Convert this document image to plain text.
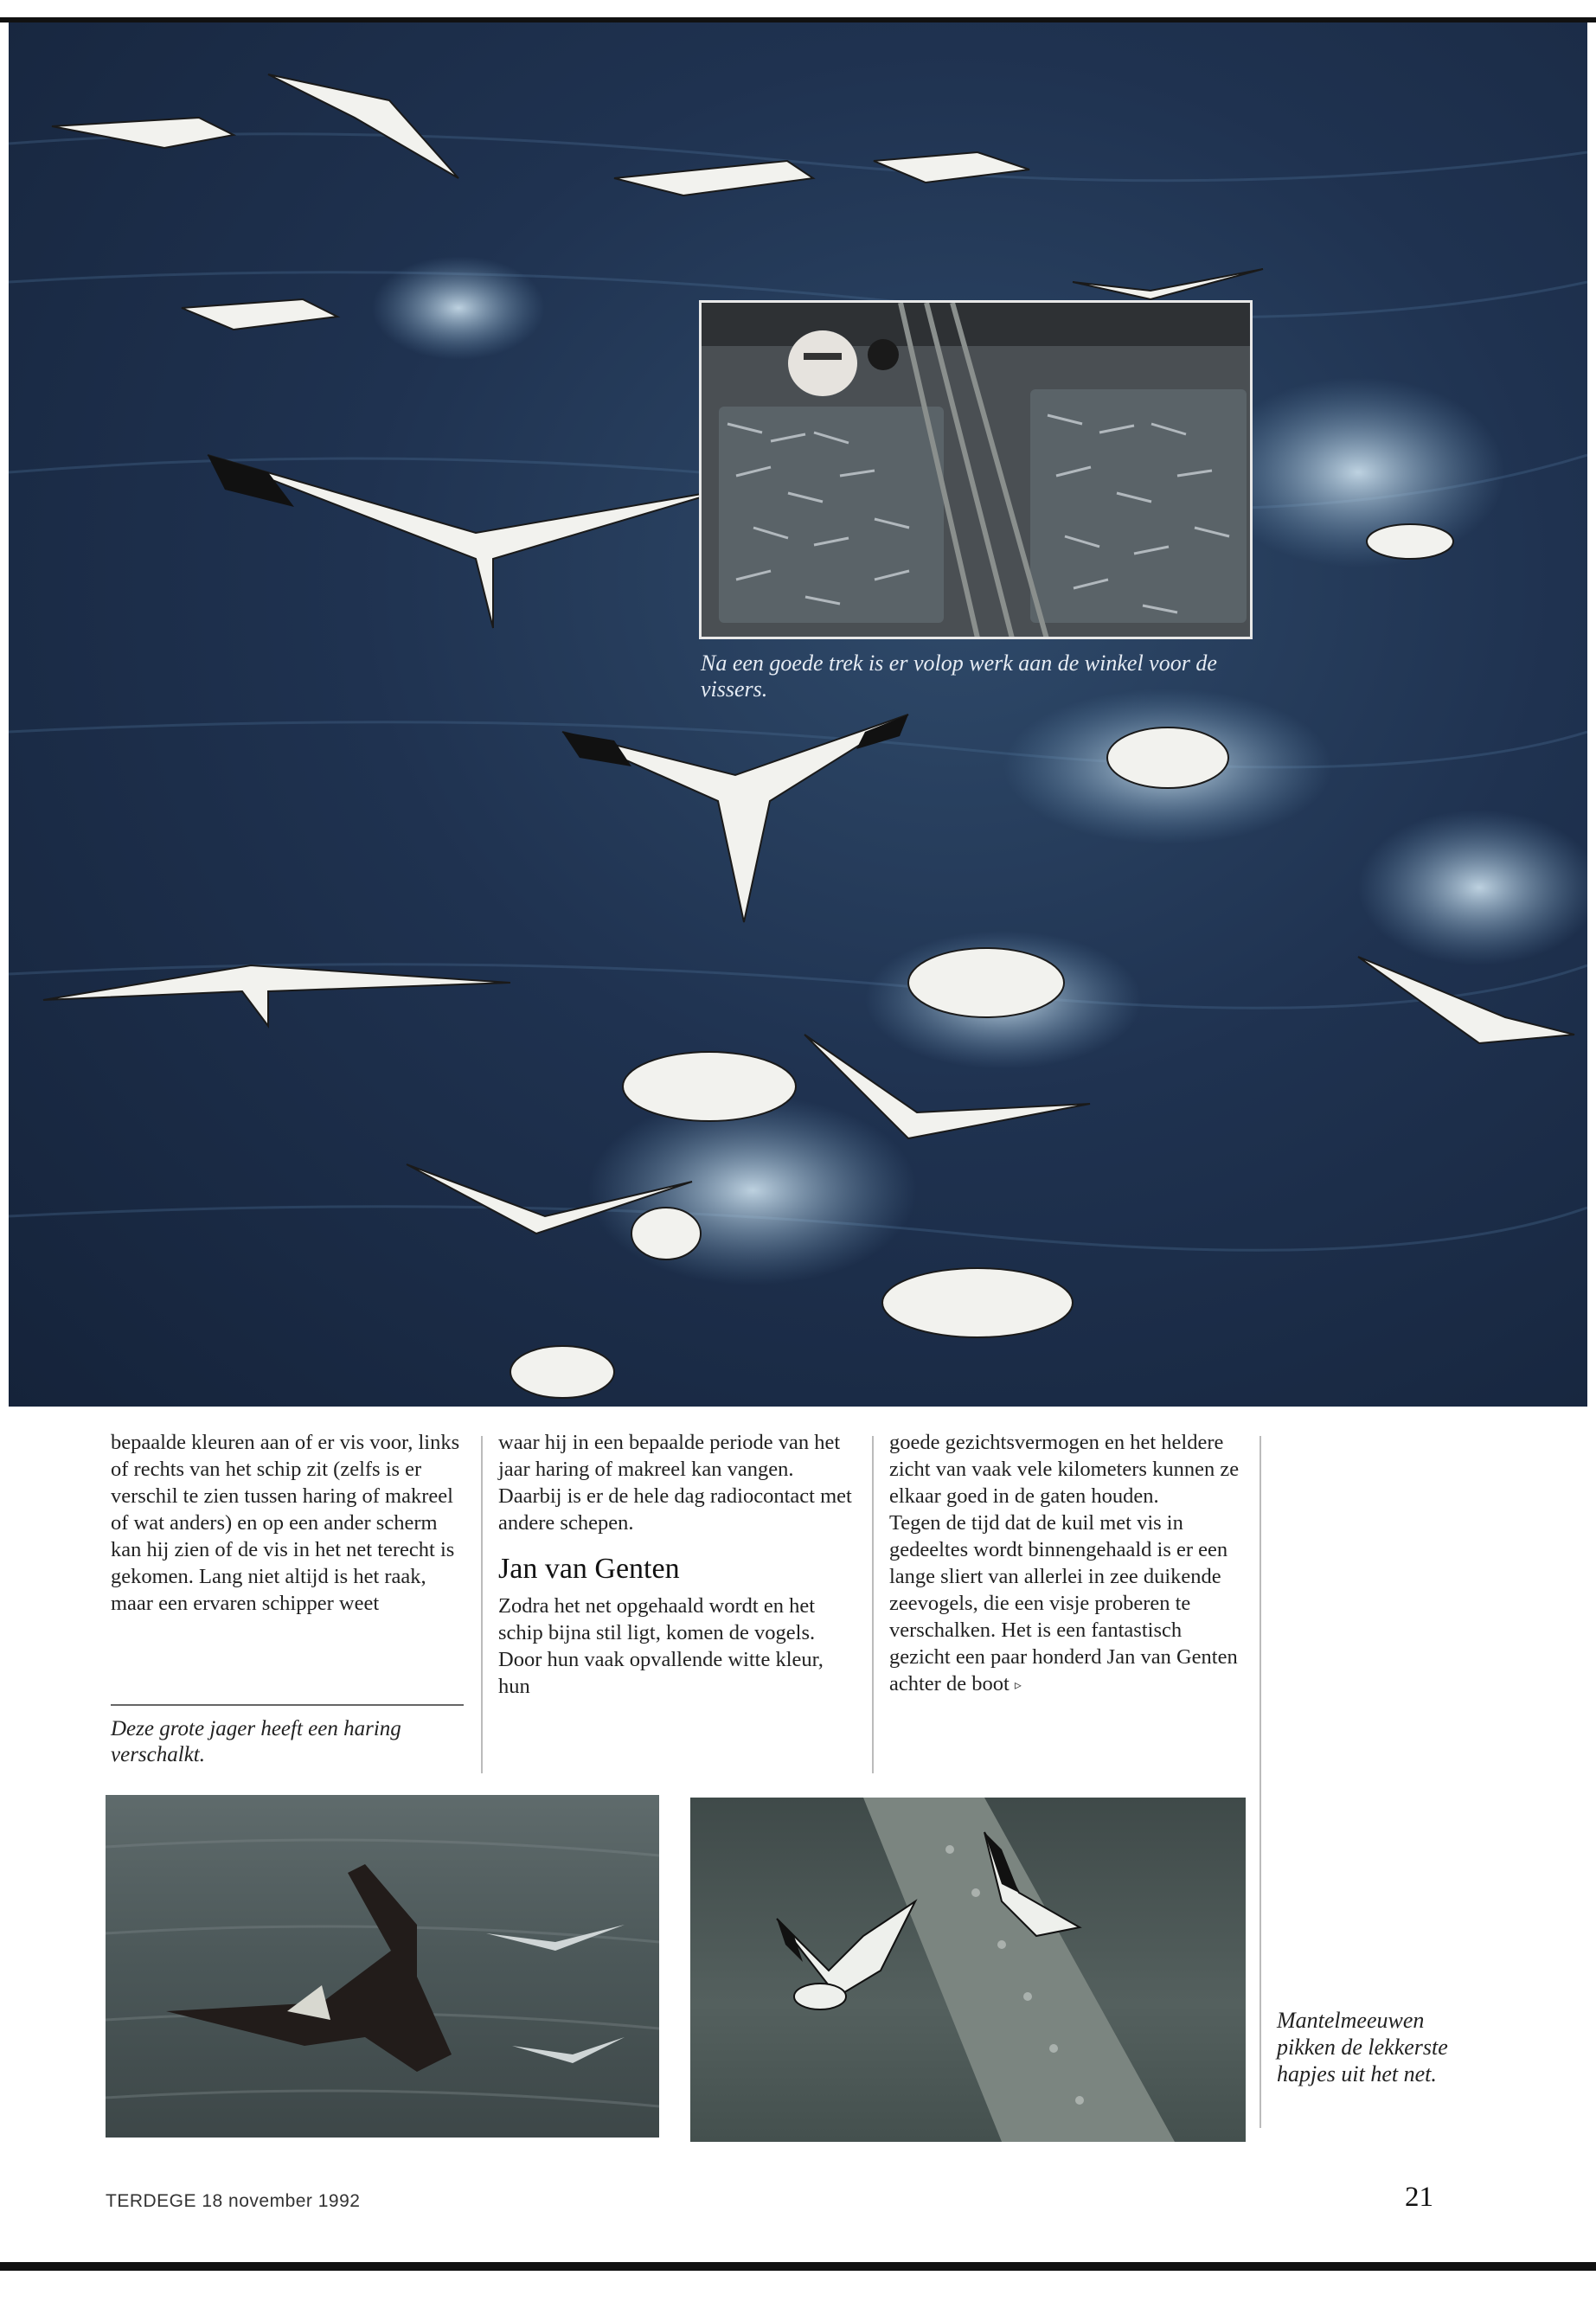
Na een goede trek is er volop werk aan de winkel voor de vissers.

bepaalde kleuren aan of er vis voor, links of rechts van het schip zit (zelfs is er verschil te zien tussen haring of makreel of wat anders) en op een ander scherm kan hij zien of de vis in het net terecht is gekomen. Lang niet altijd is het raak, maar een ervaren schipper weet

Deze grote jager heeft een haring verschalkt.

waar hij in een bepaalde periode van het jaar haring of makreel kan vangen. Daarbij is er de hele dag radiocontact met andere schepen.

Jan van Genten

Zodra het net opgehaald wordt en het schip bijna stil ligt, komen de vogels. Door hun vaak opvallende witte kleur, hun

goede gezichtsvermogen en het heldere zicht van vaak vele kilometers kunnen ze elkaar goed in de gaten houden.

Tegen de tijd dat de kuil met vis in gedeeltes wordt binnengehaald is er een lange sliert van allerlei in zee duikende zeevogels, die een visje proberen te verschalken. Het is een fantastisch gezicht een paar honderd Jan van Genten achter de boot ▹

Mantelmeeuwen pikken de lekkerste hapjes uit het net.
TERDEGE 18 november 1992	21
